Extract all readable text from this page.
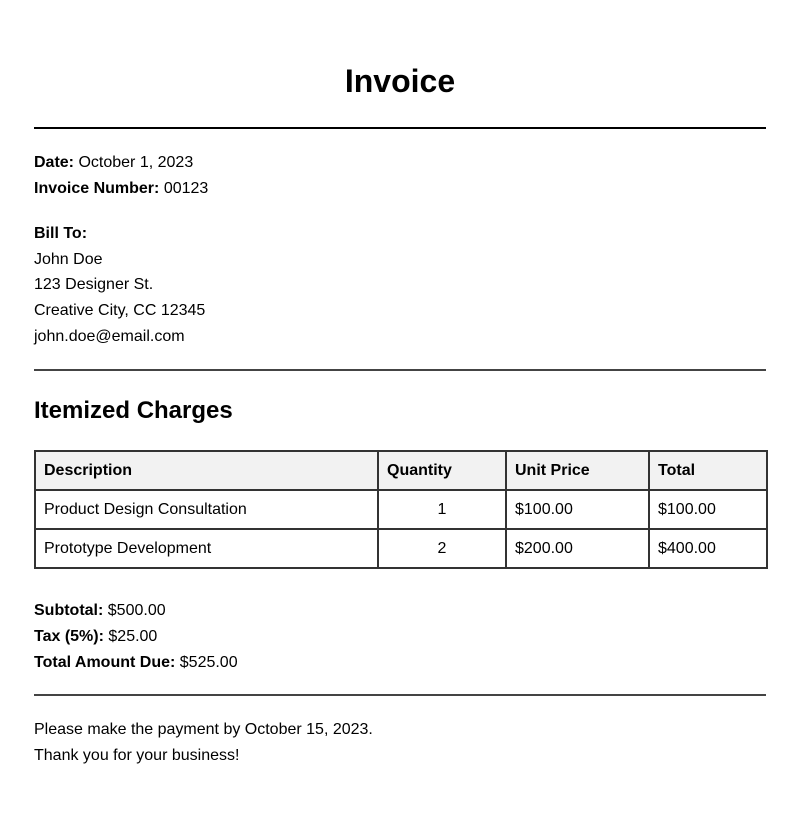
Invoice
Date: October 1, 2023
Invoice Number: 00123
Bill To:
John Doe
123 Designer St.
Creative City, CC 12345
john.doe@email.com
Itemized Charges
Description	Quantity	Unit Price	Total
Product Design Consultation	1	$100.00	$100.00
Prototype Development	2	$200.00	$400.00
Subtotal: $500.00
Tax (5%): $25.00
Total Amount Due: $525.00
Please make the payment by October 15, 2023.
Thank you for your business!
